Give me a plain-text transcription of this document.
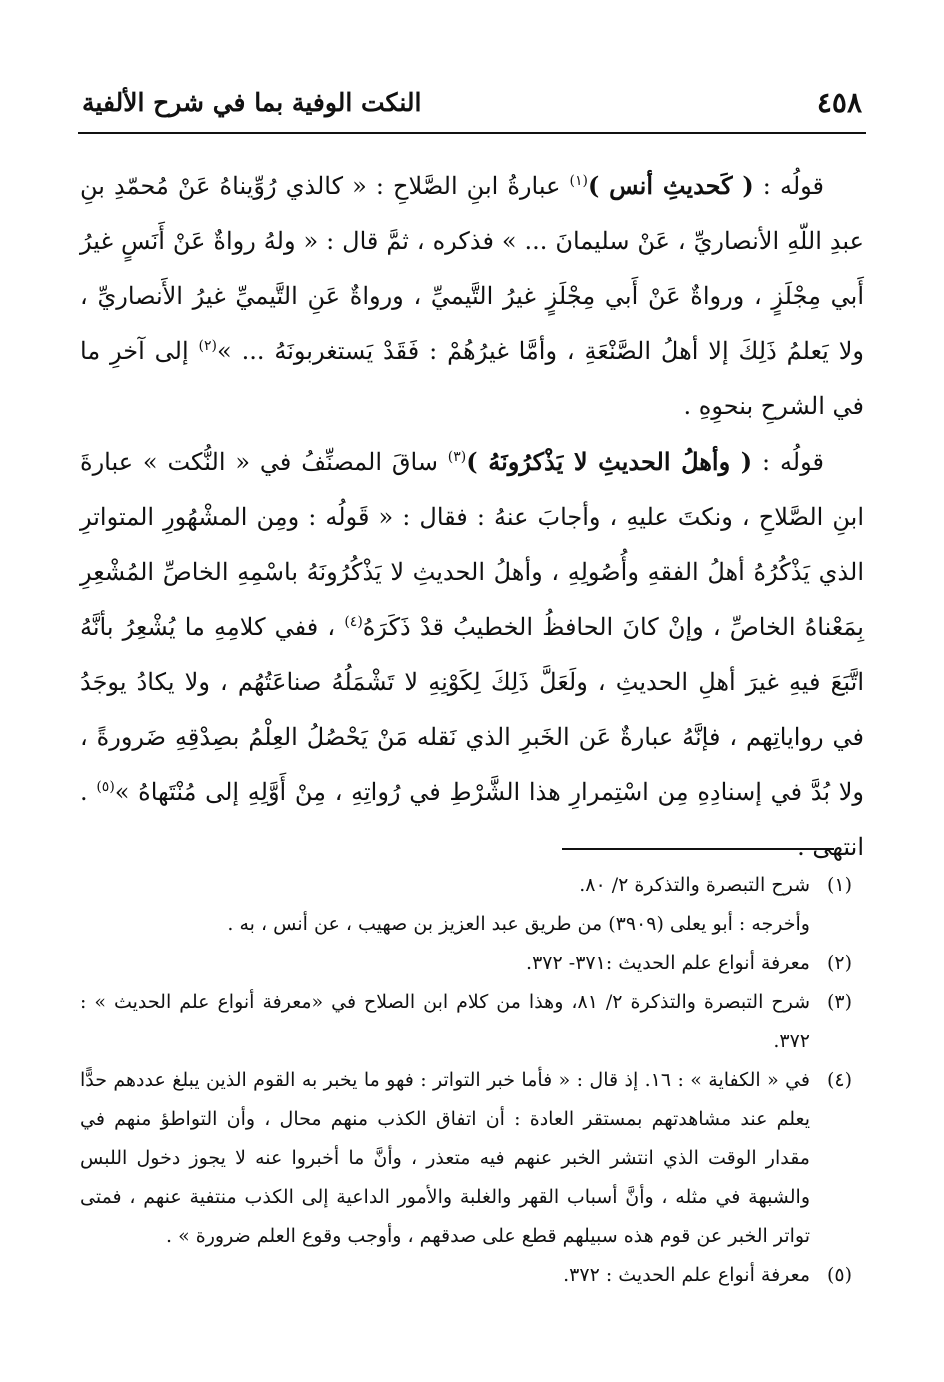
٤٥٨
النكت الوفية بما في شرح الألفية

قولُه : ( كَحديثِ أنس )$^{(١)}$ عبارةُ ابنِ الصَّلاحِ : « كالذي رُوِّيناهُ عَنْ مُحمّدِ بنِ عبدِ اللّهِ الأنصاريِّ ، عَنْ سليمانَ ... » فذكره ، ثمَّ قال : « ولهُ رواةٌ عَنْ أَنَسٍ غيرُ أَبي مِجْلَزٍ ، ورواةٌ عَنْ أَبي مِجْلَزٍ غيرُ التَّيميِّ ، ورواةٌ عَنِ التَّيميِّ غيرُ الأَنصاريِّ ، ولا يَعلمُ ذَلِكَ إلا أهلُ الصَّنْعَةِ ، وأمَّا غيرُهُمْ : فَقَدْ يَستغربونَهُ ... »$^{(٢)}$ إلى آخرِ ما في الشرحِ بنحوِهِ .

قولُه : ( وأهلُ الحديثِ لا يَذْكرُونَهُ )$^{(٣)}$ ساقَ المصنِّفُ في « النُّكت » عبارةَ ابنِ الصَّلاحِ ، ونكتَ عليهِ ، وأجابَ عنهُ : فقال : « قَولُه : ومِن المشْهُورِ المتواترِ الذي يَذْكُرُهُ أهلُ الفقهِ وأُصُولِهِ ، وأهلُ الحديثِ لا يَذْكُرُونَهُ باسْمِهِ الخاصِّ المُشْعِرِ بِمَعْناهُ الخاصِّ ، وإنْ كانَ الحافظُ الخطيبُ قدْ ذَكَرَهُ$^{(٤)}$ ، ففي كلامِهِ ما يُشْعِرُ بأنَّهُ اتَّبَعَ فيهِ غيرَ أهلِ الحديثِ ، ولَعَلَّ ذَلِكَ لِكَوْنِهِ لا تَشْمَلُهُ صناعَتُهُم ، ولا يكادُ يوجَدُ في رواياتِهم ، فإنَّهُ عبارةٌ عَن الخَبرِ الذي نَقله مَنْ يَحْصُلُ العِلْمُ بصِدْقِهِ ضَرورةً ، ولا بُدَّ في إسنادِهِ مِن اسْتِمرارِ هذا الشَّرْطِ في رُواتِهِ ، مِنْ أَوَّلِهِ إلى مُنْتَهاهُ »$^{(٥)}$ . انتهى .

(١)
شرح التبصرة والتذكرة ٢/ ٨٠.
وأخرجه : أبو يعلى (٣٩٠٩) من طريق عبد العزيز بن صهيب ، عن أنس ، به .
(٢)
معرفة أنواع علم الحديث :٣٧١- ٣٧٢.
(٣)
شرح التبصرة والتذكرة ٢/ ٨١، وهذا من كلام ابن الصلاح في «معرفة أنواع علم الحديث » : ٣٧٢.
(٤)
في « الكفاية » : ١٦. إذ قال : « فأما خبر التواتر : فهو ما يخبر به القوم الذين يبلغ عددهم حدًّا يعلم عند مشاهدتهم بمستقر العادة : أن اتفاق الكذب منهم محال ، وأن التواطؤ منهم في مقدار الوقت الذي انتشر الخبر عنهم فيه متعذر ، وأنَّ ما أخبروا عنه لا يجوز دخول اللبس والشبهة في مثله ، وأنَّ أسباب القهر والغلبة والأمور الداعية إلى الكذب منتفية عنهم ، فمتى تواتر الخبر عن قوم هذه سبيلهم قطع على صدقهم ، وأوجب وقوع العلم ضرورة » .
(٥)
معرفة أنواع علم الحديث : ٣٧٢.
